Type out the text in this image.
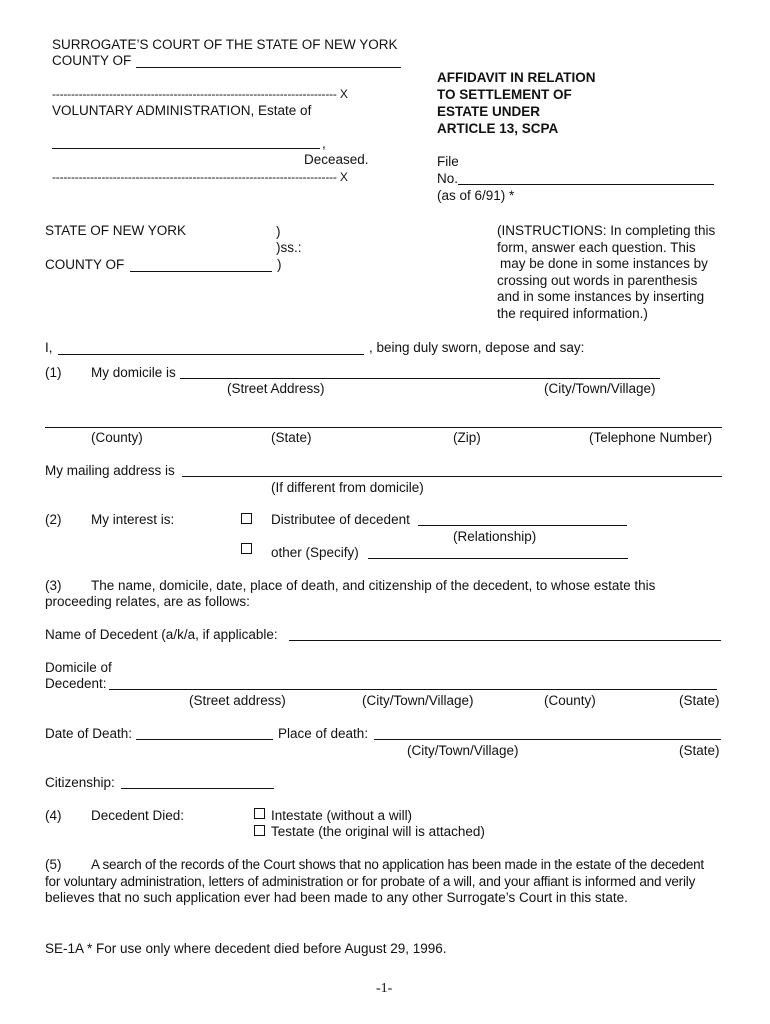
SURROGATE’S COURT OF THE STATE OF NEW YORK
COUNTY OF
--------------------------------------------------------------------------- X
VOLUNTARY ADMINISTRATION, Estate of
,
Deceased.
--------------------------------------------------------------------------- X
AFFIDAVIT IN RELATION
TO SETTLEMENT OF
ESTATE UNDER
ARTICLE 13, SCPA
File
No.
(as of 6/91) *
STATE OF NEW YORK	)
)ss.:
COUNTY OF	)
(INSTRUCTIONS: In completing this
form, answer each question. This
may be done in some instances by
crossing out words in parenthesis
and in some instances by inserting
the required information.)
I,	, being duly sworn, depose and say:
(1) My domicile is
(Street Address)	(City/Town/Village)
(County)	(State)	(Zip)	(Telephone Number)
My mailing address is
(If different from domicile)
(2) My interest is:	Distributee of decedent
(Relationship)
other (Specify)
(3) The name, domicile, date, place of death, and citizenship of the decedent, to whose estate this
proceeding relates, are as follows:
Name of Decedent (a/k/a, if applicable:
Domicile of
Decedent:
(Street address)	(City/Town/Village)	(County)	(State)
Date of Death:	Place of death:
(City/Town/Village)	(State)
Citizenship:
(4) Decedent Died:	Intestate (without a will)
Testate (the original will is attached)
(5) A search of the records of the Court shows that no application has been made in the estate of the decedent
for voluntary administration, letters of administration or for probate of a will, and your affiant is informed and verily
believes that no such application ever had been made to any other Surrogate’s Court in this state.
SE-1A * For use only where decedent died before August 29, 1996.
-1-
